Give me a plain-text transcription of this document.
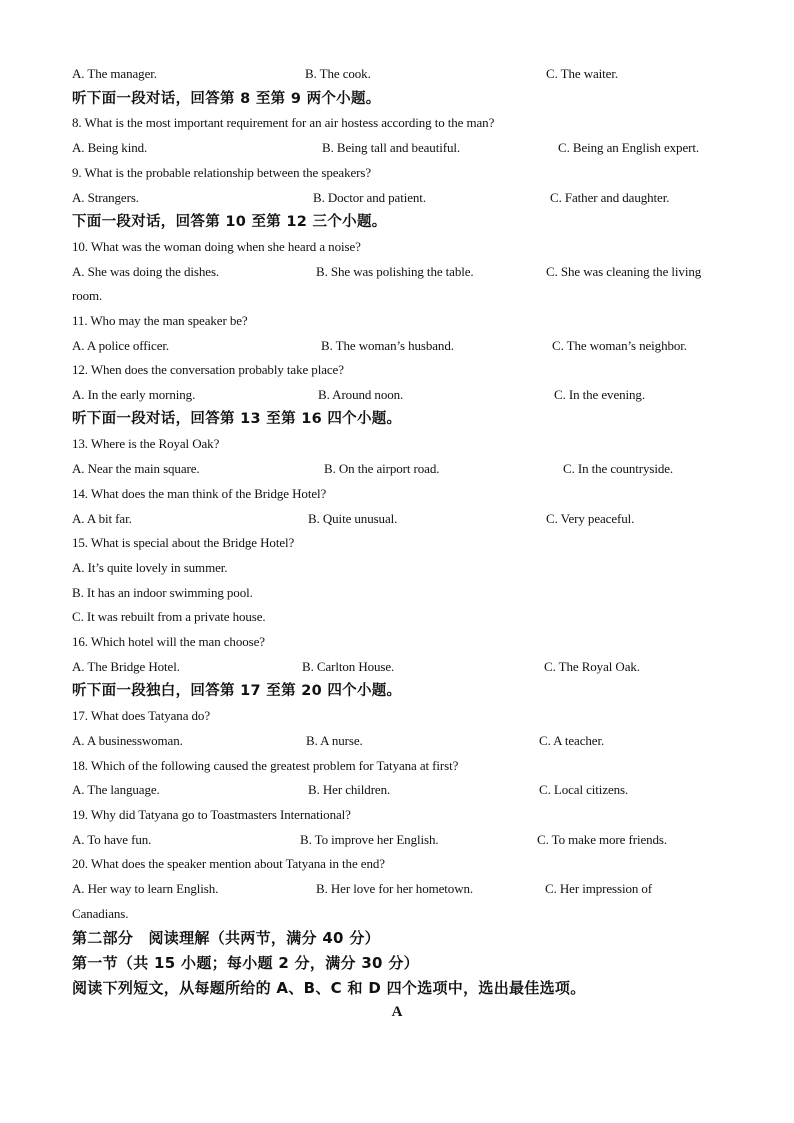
A. The manager.	B. The cook.	C. The waiter.
听下面一段对话，回答第 8 至第 9 两个小题。
8. What is the most important requirement for an air hostess according to the man?
A. Being kind.	B. Being tall and beautiful.	C. Being an English expert.
9. What is the probable relationship between the speakers?
A. Strangers.	B. Doctor and patient.	C. Father and daughter.
下面一段对话，回答第 10 至第 12 三个小题。
10. What was the woman doing when she heard a noise?
A. She was doing the dishes.	B. She was polishing the table.	C. She was cleaning the living
room.
11. Who may the man speaker be?
A. A police officer.	B. The woman’s husband.	C. The woman’s neighbor.
12. When does the conversation probably take place?
A. In the early morning.	B. Around noon.	C. In the evening.
听下面一段对话，回答第 13 至第 16 四个小题。
13. Where is the Royal Oak?
A. Near the main square.	B. On the airport road.	C. In the countryside.
14. What does the man think of the Bridge Hotel?
A. A bit far.	B. Quite unusual.	C. Very peaceful.
15. What is special about the Bridge Hotel?
A. It’s quite lovely in summer.
B. It has an indoor swimming pool.
C. It was rebuilt from a private house.
16. Which hotel will the man choose?
A. The Bridge Hotel.	B. Carlton House.	C. The Royal Oak.
听下面一段独白，回答第 17 至第 20 四个小题。
17. What does Tatyana do?
A. A businesswoman.	B. A nurse.	C. A teacher.
18. Which of the following caused the greatest problem for Tatyana at first?
A. The language.	B. Her children.	C. Local citizens.
19. Why did Tatyana go to Toastmasters International?
A. To have fun.	B. To improve her English.	C. To make more friends.
20. What does the speaker mention about Tatyana in the end?
A. Her way to learn English.	B. Her love for her hometown.	C. Her impression of
Canadians.
第二部分　阅读理解（共两节，满分 40 分）
第一节（共 15 小题；每小题 2 分，满分 30 分）
阅读下列短文，从每题所给的 A、B、C 和 D 四个选项中，选出最佳选项。
A
